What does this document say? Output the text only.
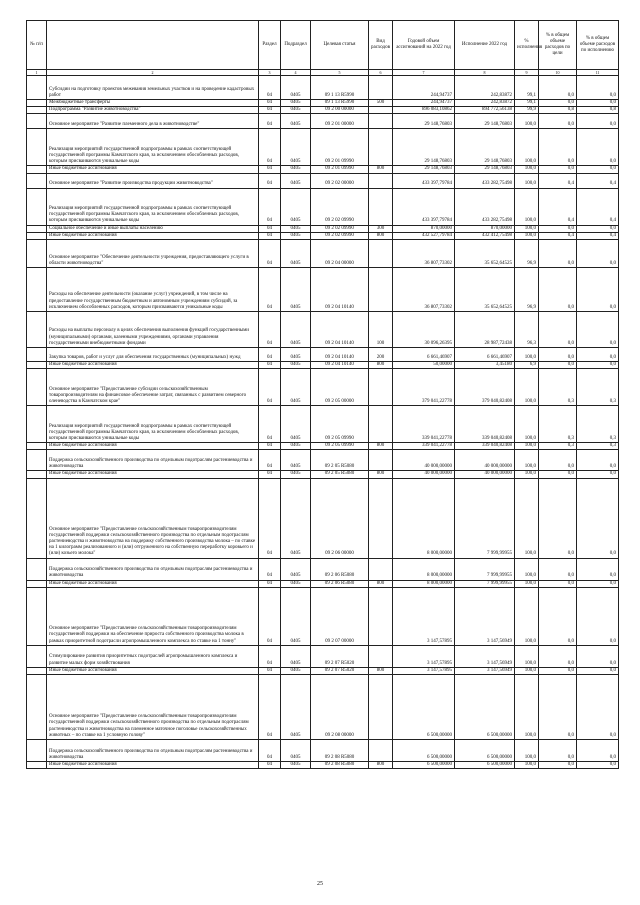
№ п/п		Раздел	Подраздел	Целевая статья	Вид расходов	Годовой объем ассигнований на 2022 год	Исполнение 2022 год	% исполнения	% в общем объеме расходов по цели	% в общем объеме расходов по исполнению
1	2	3	4	5	6	7	8	9	10	11
	Субсидии на подготовку проектов межевания земельных участков и на проведение кадастровых работ	04	0405	09 1 13 R5990		244,94737	242,83872	99,1	0,0	0,0
	Межбюджетные трансферты	04	0405	09 1 13 R5990	500	244,94737	242,83872	99,1	0,0	0,0
	Подпрограмма "Развитие животноводства"	04	0405	09 2 00 00000		896 083,10862	894 772,56138	99,9	0,8	0,8
	Основное мероприятие "Развитие племенного дела в животноводстве"	04	0405	09 2 01 00000		29 148,76803	29 148,76803	100,0	0,0	0,0
	Реализация мероприятий государственной подпрограммы в рамках соответствующей государственной программы Камчатского края, за исключением обособленных расходов, которым присваиваются уникальные коды	04	0405	09 2 01 09990		29 148,76803	29 148,76803	100,0	0,0	0,0
	Иные бюджетные ассигнования	04	0405	09 2 01 09990	800	29 148,76803	29 148,76803	100,0	0,0	0,0
	Основное мероприятие "Развитие производства продукции животноводства"	04	0405	09 2 02 00000		433 397,79784	433 282,75498	100,0	0,4	0,4
	Реализация мероприятий государственной подпрограммы в рамках соответствующей государственной программы Камчатского края, за исключением обособленных расходов, которым присваиваются уникальные коды	04	0405	09 2 02 09990		433 397,79784	433 282,75498	100,0	0,4	0,4
	Социальное обеспечение и иные выплаты населению	04	0405	09 2 02 09990	300	870,00000	870,00000	100,0	0,0	0,0
	Иные бюджетные ассигнования	04	0405	09 2 02 09990	800	432 527,79784	432 412,75498	100,0	0,4	0,4
	Основное мероприятие "Обеспечение деятельности учреждения, предоставляющего услуги в области животноводства"	04	0405	09 2 04 00000		36 807,73302	35 652,64525	96,9	0,0	0,0
	Расходы на обеспечение деятельности (оказание услуг) учреждений, в том числе на предоставление государственным бюджетным и автономным учреждениям субсидий, за исключением обособленных расходов, которым присваиваются уникальные коды	04	0405	09 2 04 10140		36 807,73302	35 652,64525	96,9	0,0	0,0
	Расходы на выплаты персоналу в целях обеспечения выполнения функций государственными (муниципальными) органами, казенными учреждениями, органами управления государственными внебюджетными фондами	04	0405	09 2 04 10140	100	30 096,26395	28 987,72438	96,3	0,0	0,0
	Закупка товаров, работ и услуг для обеспечения государственных (муниципальных) нужд	04	0405	09 2 04 10140	200	6 661,46907	6 661,46907	100,0	0,0	0,0
	Иные бюджетные ассигнования	04	0405	09 2 04 10140	800	50,00000	3,45180	6,9	0,0	0,0
	Основное мероприятие "Предоставление субсидии сельскохозяйственным товаропроизводителям на финансовое обеспечение затрат, связанных с развитием северного оленеводства в Камчатском крае"	04	0405	09 2 05 00000		379 041,22778	379 040,82408	100,0	0,3	0,3
	Реализация мероприятий государственной подпрограммы в рамках соответствующей государственной программы Камчатского края, за исключением обособленных расходов, которым присваиваются уникальные коды	04	0405	09 2 05 09990		339 041,22778	339 040,82408	100,0	0,3	0,3
	Иные бюджетные ассигнования	04	0405	09 2 05 09990	800	339 041,22778	339 040,82408	100,0	0,3	0,3
	Поддержка сельскохозяйственного производства по отдельным подотраслям растениеводства и животноводства	04	0405	09 2 05 R5080		40 000,00000	40 000,00000	100,0	0,0	0,0
	Иные бюджетные ассигнования	04	0405	09 2 05 R5080	800	40 000,00000	40 000,00000	100,0	0,0	0,0
	Основное мероприятие "Предоставление сельскохозяйственным товаропроизводителям государственной поддержки сельскохозяйственного производства по отдельным подотраслям растениеводства и животноводства на поддержку собственного производства молока – по ставке на 1 килограмм реализованного и (или) отгруженного на собственную переработку коровьего и (или) козьего молока"	04	0405	09 2 06 00000		8 000,00000	7 999,99955	100,0	0,0	0,0
	Поддержка сельскохозяйственного производства по отдельным подотраслям растениеводства и животноводства	04	0405	09 2 06 R5080		8 000,00000	7 999,99955	100,0	0,0	0,0
	Иные бюджетные ассигнования	04	0405	09 2 06 R5080	800	8 000,00000	7 999,99955	100,0	0,0	0,0
	Основное мероприятие "Предоставление сельскохозяйственным товаропроизводителям государственной поддержки на обеспечение прироста собственного производства молока в рамках приоритетной подотрасли агропромышленного комплекса по ставке на 1 тонну"	04	0405	09 2 07 00000		3 147,57895	3 147,56949	100,0	0,0	0,0
	Стимулирование развития приоритетных подотраслей агропромышленного комплекса и развитие малых форм хозяйствования	04	0405	09 2 07 R5020		3 147,57895	3 147,56949	100,0	0,0	0,0
	Иные бюджетные ассигнования	04	0405	09 2 07 R5020	800	3 147,57895	3 147,56949	100,0	0,0	0,0
	Основное мероприятие "Предоставление сельскохозяйственным товаропроизводителям государственной поддержки сельскохозяйственного производства по отдельным подотраслям растениеводства и животноводства на племенное маточное поголовье сельскохозяйственных животных – по ставке на 1 условную голову"	04	0405	09 2 08 00000		6 500,00000	6 500,00000	100,0	0,0	0,0
	Поддержка сельскохозяйственного производства по отдельным подотраслям растениеводства и животноводства	04	0405	09 2 08 R5080		6 500,00000	6 500,00000	100,0	0,0	0,0
	Иные бюджетные ассигнования	04	0405	09 2 08 R5080	800	6 500,00000	6 500,00000	100,0	0,0	0,0
25
